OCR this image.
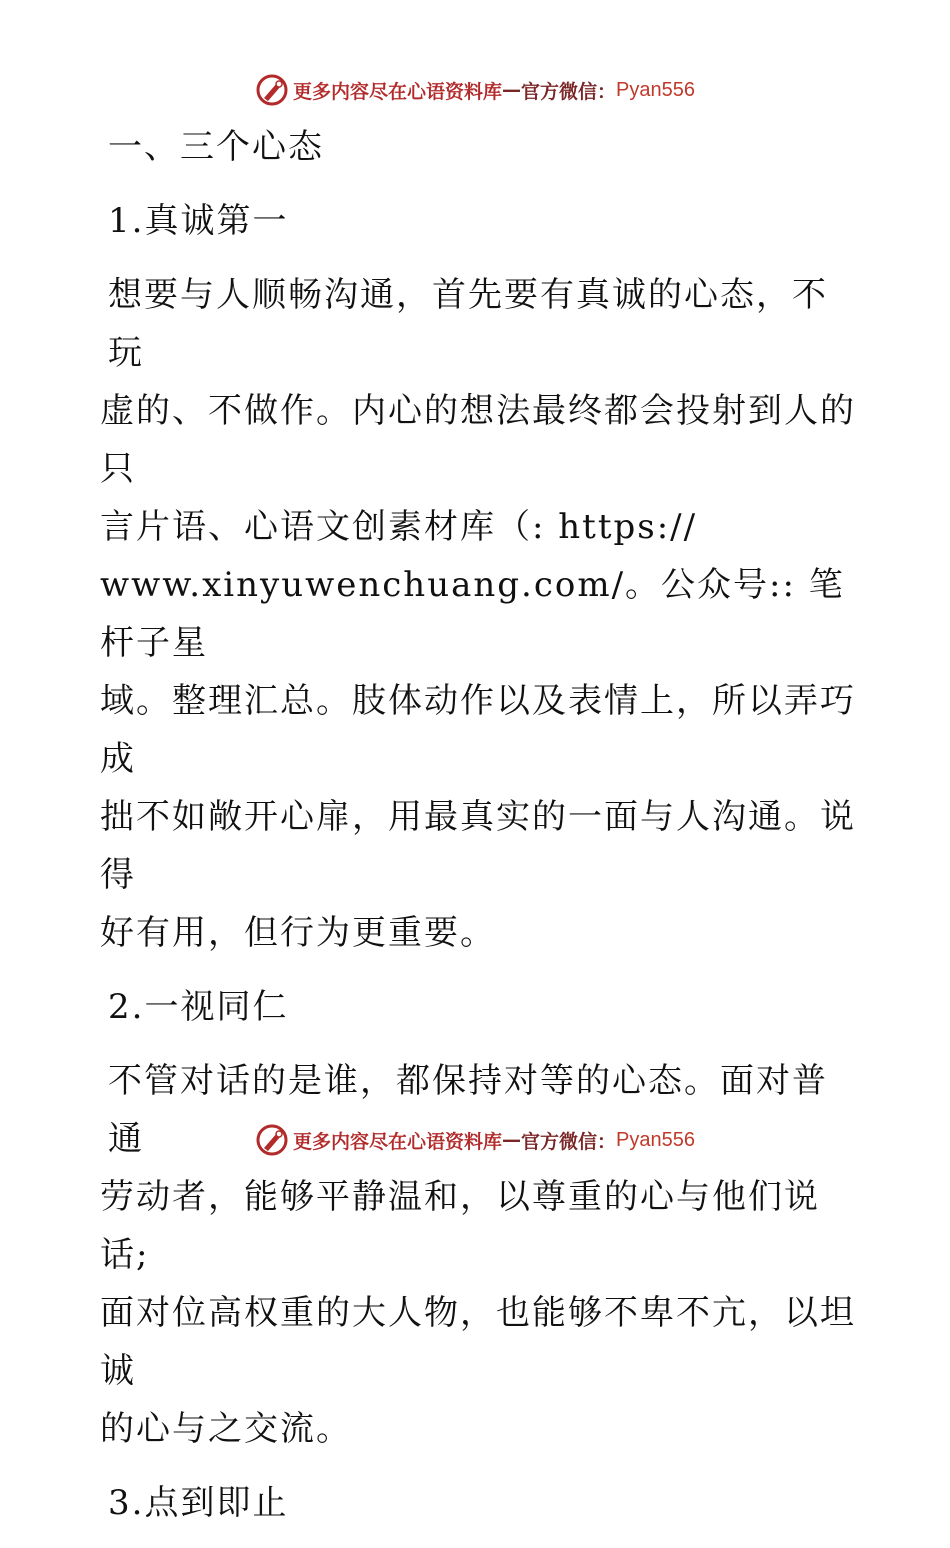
更多内容尽在心语资料库 — 官方微信： Pyan556

一、三个心态

1.真诚第一

想要与人顺畅沟通，首先要有真诚的心态，不玩

虚的、不做作。内心的想法最终都会投射到人的只

言片语、心语文创素材库（: https://

www.xinyuwenchuang.com/。公众号:: 笔杆子星

域。整理汇总。肢体动作以及表情上，所以弄巧成

拙不如敞开心扉，用最真实的一面与人沟通。说得

好有用，但行为更重要。

2.一视同仁

不管对话的是谁，都保持对等的心态。面对普通

劳动者，能够平静温和，以尊重的心与他们说话;

面对位高权重的大人物，也能够不卑不亢，以坦诚

的心与之交流。

3.点到即止

更多内容尽在心语资料库 — 官方微信： Pyan556
